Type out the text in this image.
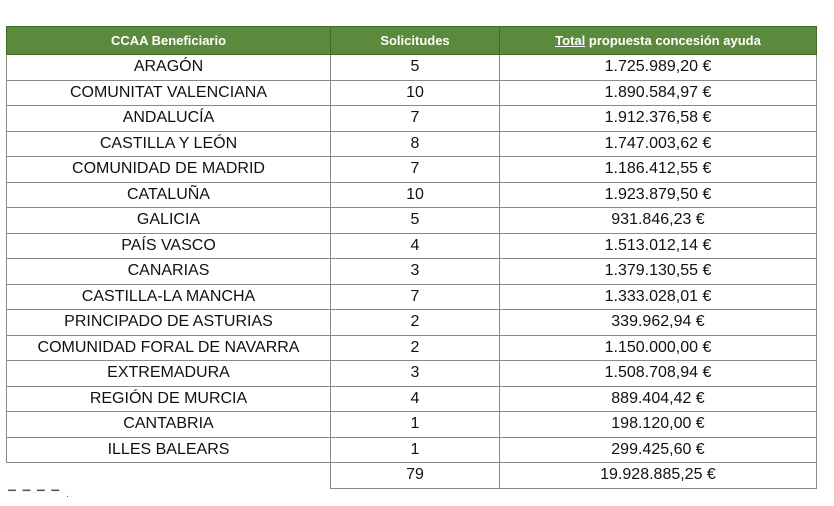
CCAA Beneficiario	Solicitudes	Total propuesta concesión ayuda
ARAGÓN	5	1.725.989,20 €
COMUNITAT VALENCIANA	10	1.890.584,97 €
ANDALUCÍA	7	1.912.376,58 €
CASTILLA Y LEÓN	8	1.747.003,62 €
COMUNIDAD DE MADRID	7	1.186.412,55 €
CATALUÑA	10	1.923.879,50 €
GALICIA	5	931.846,23 €
PAÍS VASCO	4	1.513.012,14 €
CANARIAS	3	1.379.130,55 €
CASTILLA-LA MANCHA	7	1.333.028,01 €
PRINCIPADO DE ASTURIAS	2	339.962,94 €
COMUNIDAD FORAL DE NAVARRA	2	1.150.000,00 €
EXTREMADURA	3	1.508.708,94 €
REGIÓN DE MURCIA	4	889.404,42 €
CANTABRIA	1	198.120,00 €
ILLES BALEARS	1	299.425,60 €
	79	19.928.885,25 €
▔ ▔ ▔ ▔ ·
